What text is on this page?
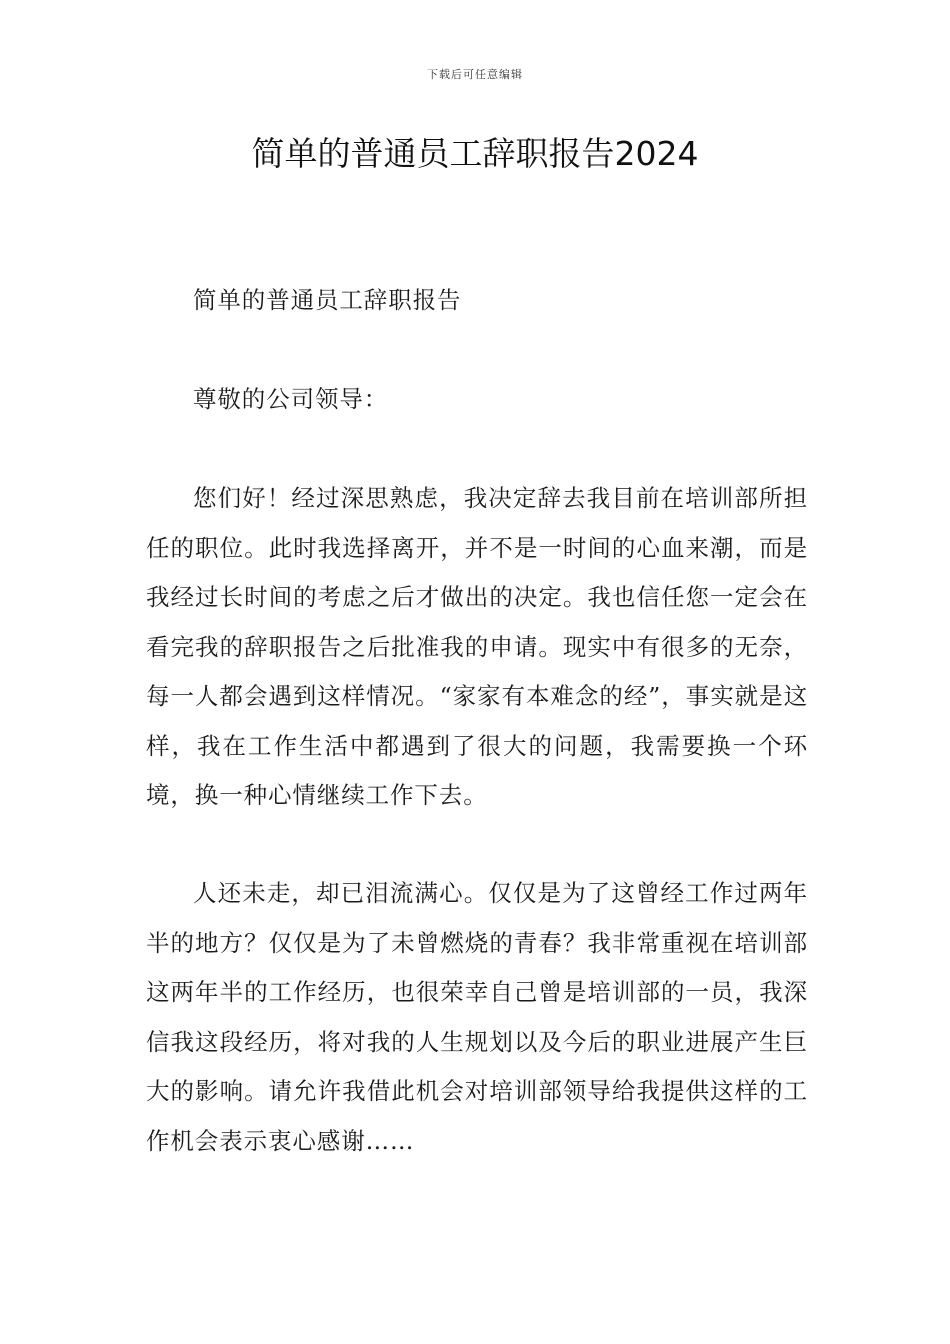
下载后可任意编辑
简单的普通员工辞职报告2024

简单的普通员工辞职报告

尊敬的公司领导：

您们好！经过深思熟虑，我决定辞去我目前在培训部所担任的职位。此时我选择离开，并不是一时间的心血来潮，而是我经过长时间的考虑之后才做出的决定。我也信任您一定会在看完我的辞职报告之后批准我的申请。现实中有很多的无奈，每一人都会遇到这样情况。“家家有本难念的经”，事实就是这样，我在工作生活中都遇到了很大的问题，我需要换一个环境，换一种心情继续工作下去。

人还未走，却已泪流满心。仅仅是为了这曾经工作过两年半的地方？仅仅是为了未曾燃烧的青春？我非常重视在培训部这两年半的工作经历，也很荣幸自己曾是培训部的一员，我深信我这段经历，将对我的人生规划以及今后的职业进展产生巨大的影响。请允许我借此机会对培训部领导给我提供这样的工作机会表示衷心感谢……
